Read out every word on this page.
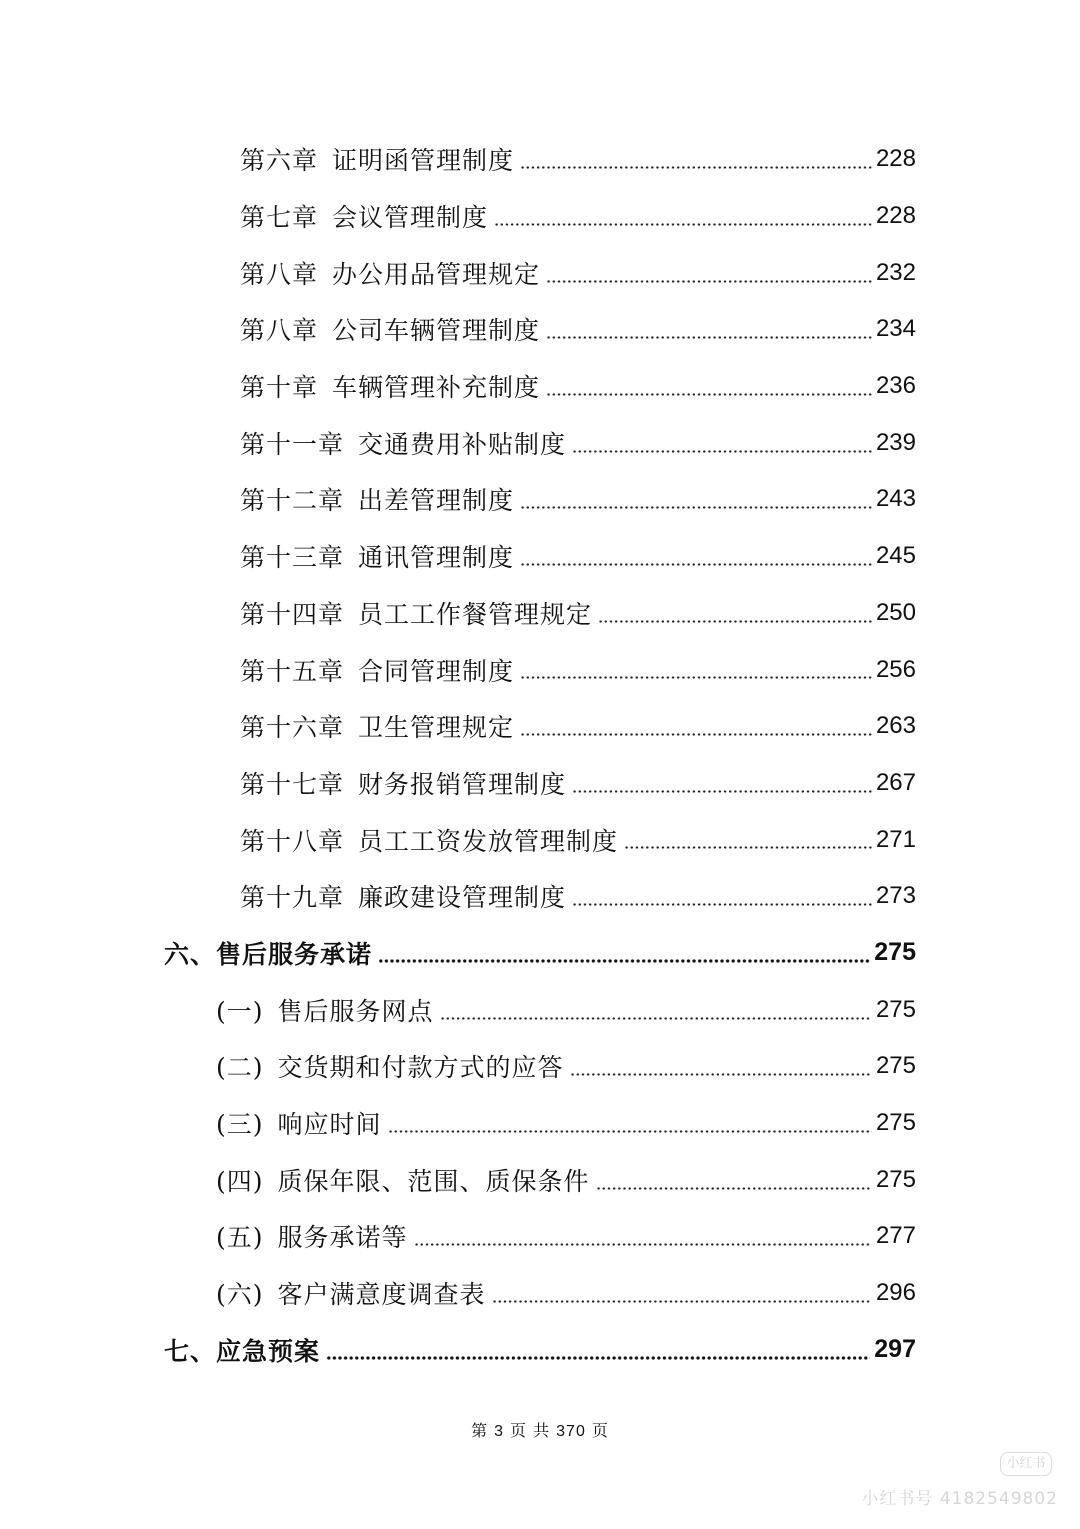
第六章 证明函管理制度	228
第七章 会议管理制度	228
第八章 办公用品管理规定	232
第八章 公司车辆管理制度	234
第十章 车辆管理补充制度	236
第十一章 交通费用补贴制度	239
第十二章 出差管理制度	243
第十三章 通讯管理制度	245
第十四章 员工工作餐管理规定	250
第十五章 合同管理制度	256
第十六章 卫生管理规定	263
第十七章 财务报销管理制度	267
第十八章 员工工资发放管理制度	271
第十九章 廉政建设管理制度	273
六、售后服务承诺	275
(一) 售后服务网点	275
(二) 交货期和付款方式的应答	275
(三) 响应时间	275
(四) 质保年限、范围、质保条件	275
(五) 服务承诺等	277
(六) 客户满意度调查表	296
七、应急预案	297
第 3 页 共 370 页
小红书
小红书号 4182549802
